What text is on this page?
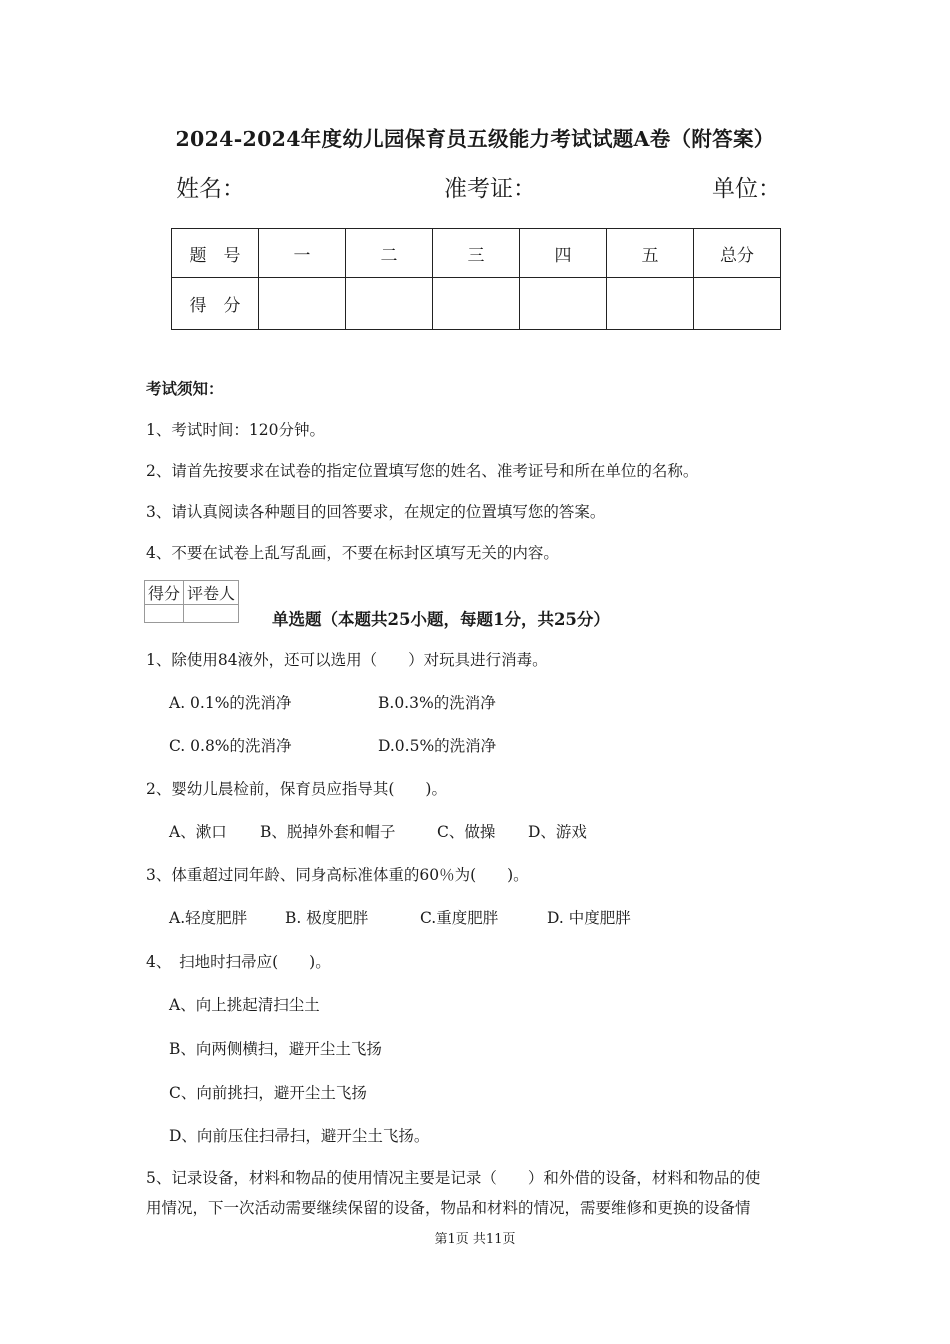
2024-2024年度幼儿园保育员五级能力考试试题A卷（附答案）
姓名：	准考证：	单位：
题　号	一	二	三	四	五	总分
得　分						
考试须知：
1、考试时间：120分钟。
2、请首先按要求在试卷的指定位置填写您的姓名、准考证号和所在单位的名称。
3、请认真阅读各种题目的回答要求，在规定的位置填写您的答案。
4、不要在试卷上乱写乱画，不要在标封区填写无关的内容。
得分	评卷人

单选题（本题共25小题，每题1分，共25分）
1、除使用84液外，还可以选用（　　）对玩具进行消毒。
A. 0.1%的洗消净	B.0.3%的洗消净
C. 0.8%的洗消净	D.0.5%的洗消净
2、婴幼儿晨检前，保育员应指导其(　　)。
A、漱口 B、脱掉外套和帽子	C、做操 D、游戏
3、体重超过同年龄、同身高标准体重的60％为(　　)。
A.轻度肥胖 B. 极度肥胖	C.重度肥胖	D. 中度肥胖
4、　扫地时扫帚应(　　)。
A、向上挑起清扫尘土
B、向两侧横扫，避开尘土飞扬
C、向前挑扫，避开尘土飞扬
D、向前压住扫帚扫，避开尘土飞扬。
5、记录设备，材料和物品的使用情况主要是记录（　　）和外借的设备，材料和物品的使
用情况，下一次活动需要继续保留的设备，物品和材料的情况，需要维修和更换的设备情
第1页 共11页
